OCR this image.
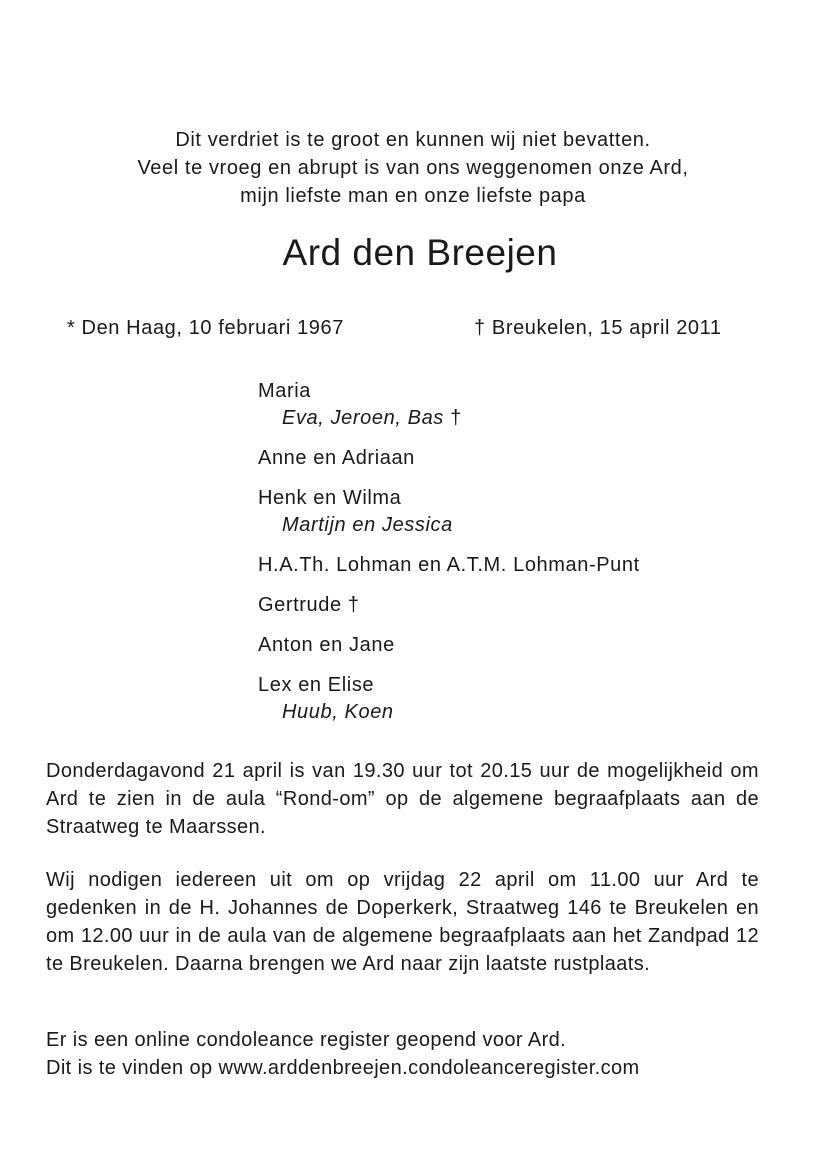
Dit verdriet is te groot en kunnen wij niet bevatten.
Veel te vroeg en abrupt is van ons weggenomen onze Ard,
mijn liefste man en onze liefste papa
Ard den Breejen
* Den Haag, 10 februari 1967	† Breukelen, 15 april 2011
Maria
Eva, Jeroen, Bas †
Anne en Adriaan
Henk en Wilma
Martijn en Jessica
H.A.Th. Lohman en A.T.M. Lohman-Punt
Gertrude †
Anton en Jane
Lex en Elise
Huub, Koen
Donderdagavond 21 april is van 19.30 uur tot 20.15 uur de mogelijkheid om Ard te zien in de aula “Rond-om” op de algemene begraafplaats aan de Straatweg te Maarssen.
Wij nodigen iedereen uit om op vrijdag 22 april om 11.00 uur Ard te gedenken in de H. Johannes de Doperkerk, Straatweg 146 te Breukelen en om 12.00 uur in de aula van de algemene begraafplaats aan het Zandpad 12 te Breukelen. Daarna brengen we Ard naar zijn laatste rustplaats.
Er is een online condoleance register geopend voor Ard.
Dit is te vinden op www.arddenbreejen.condoleanceregister.com
